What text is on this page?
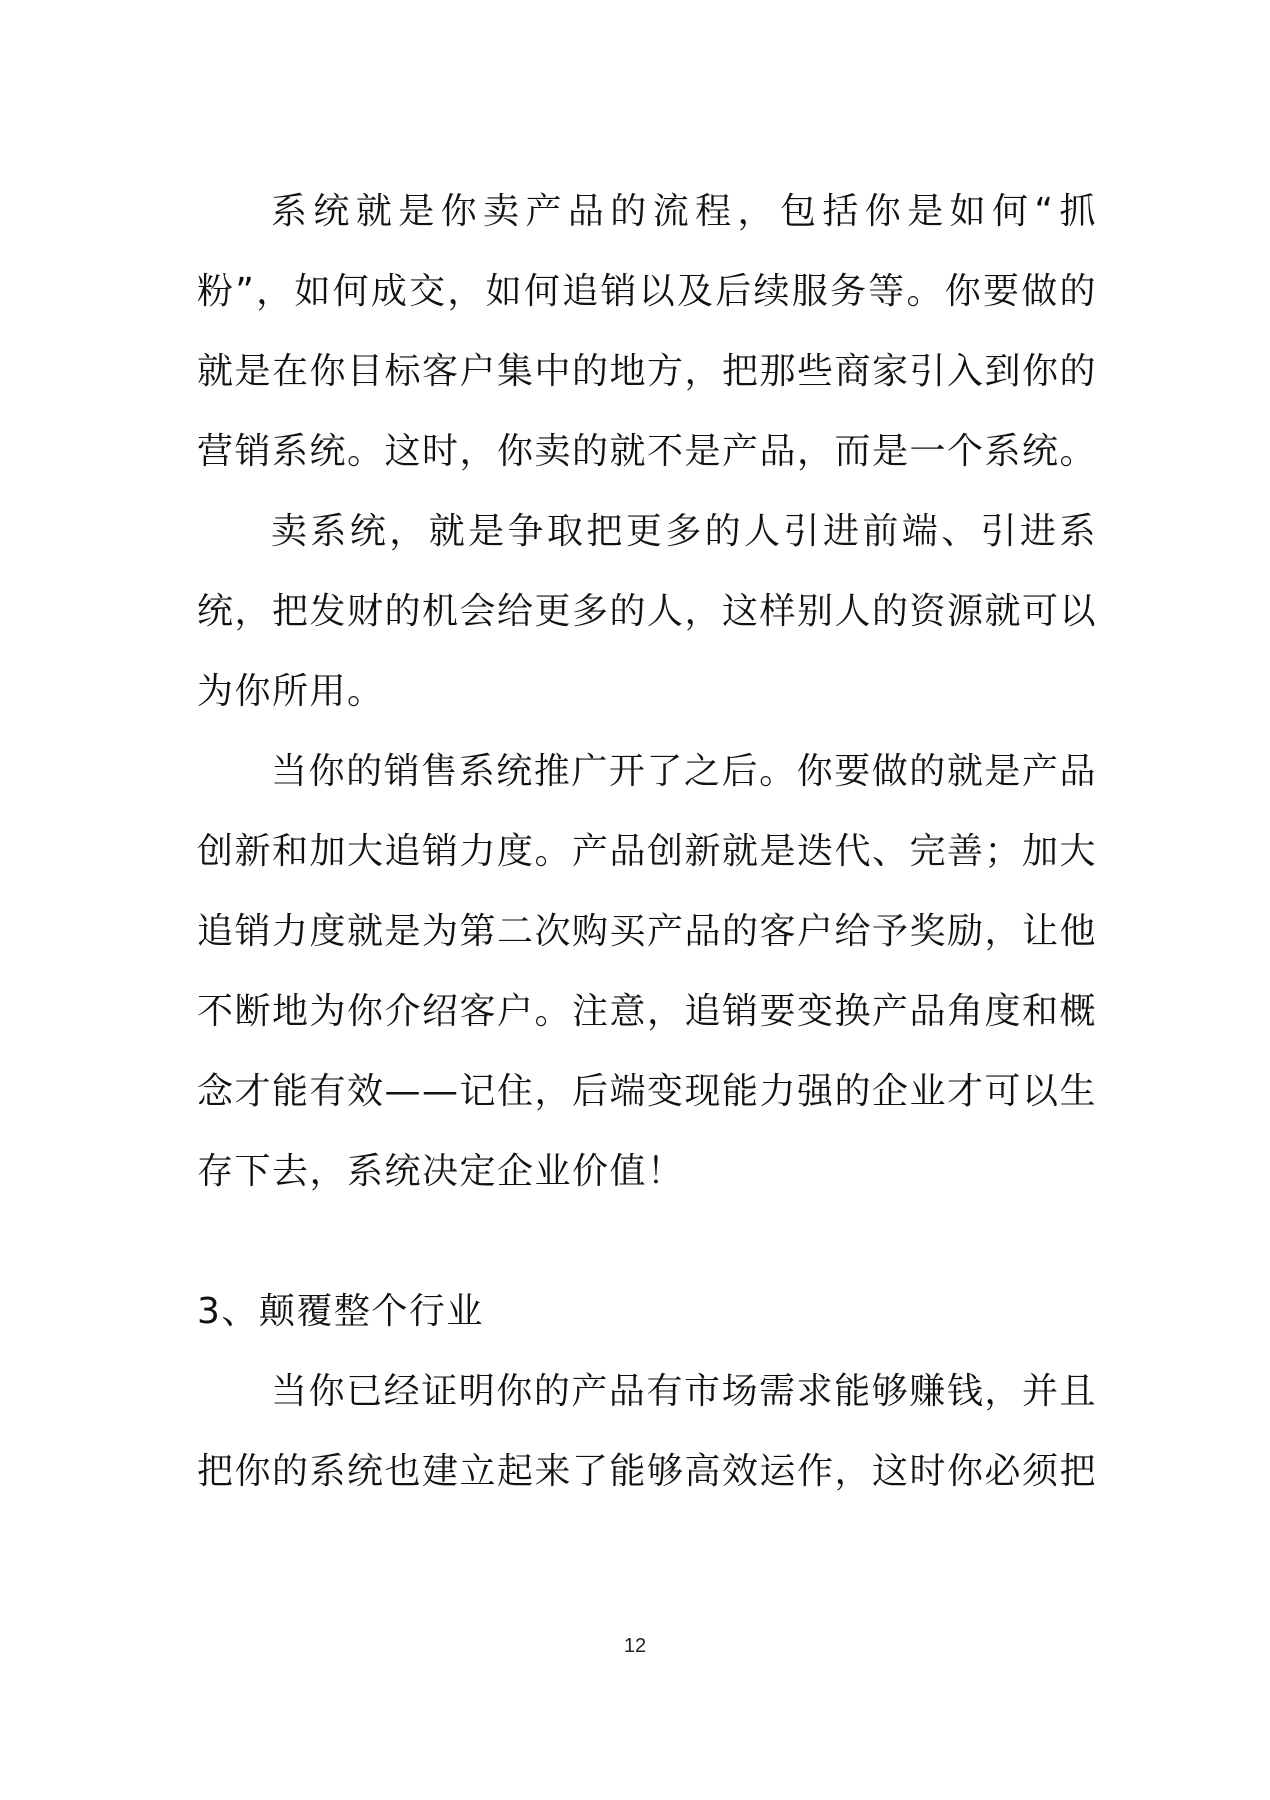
系统就是你卖产品的流程，包括你是如何“抓粉”，如何成交，如何追销以及后续服务等。你要做的就是在你目标客户集中的地方，把那些商家引入到你的营销系统。这时，你卖的就不是产品，而是一个系统。

卖系统，就是争取把更多的人引进前端、引进系统，把发财的机会给更多的人，这样别人的资源就可以为你所用。

当你的销售系统推广开了之后。你要做的就是产品创新和加大追销力度。产品创新就是迭代、完善；加大追销力度就是为第二次购买产品的客户给予奖励，让他不断地为你介绍客户。注意，追销要变换产品角度和概念才能有效——记住，后端变现能力强的企业才可以生存下去，系统决定企业价值！

3、颠覆整个行业

当你已经证明你的产品有市场需求能够赚钱，并且把你的系统也建立起来了能够高效运作，这时你必须把

12
